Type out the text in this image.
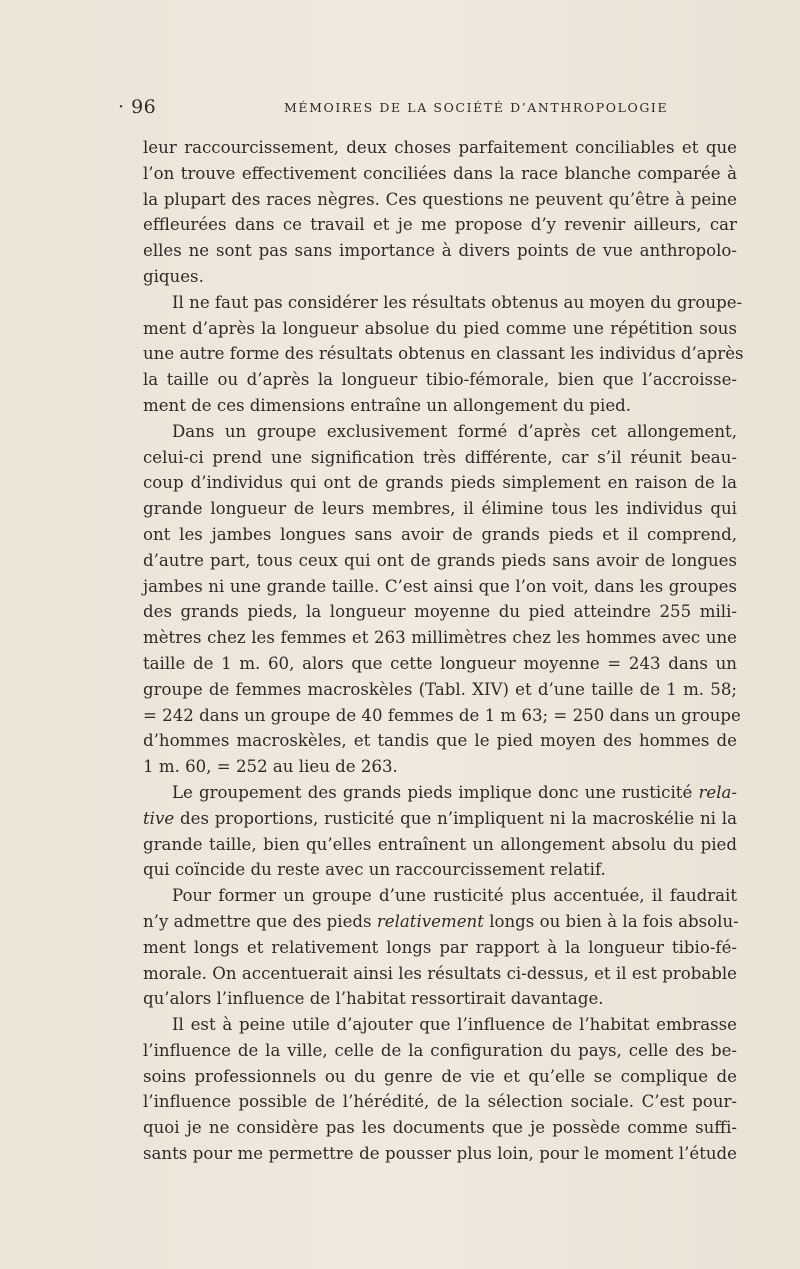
· 96	MÉMOIRES DE LA SOCIÉTÉ D’ANTHROPOLOGIE

leur raccourcissement, deux choses parfaitement conciliables et que
l’on trouve effectivement conciliées dans la race blanche comparée à
la plupart des races nègres. Ces questions ne peuvent qu’être à peine
effleurées dans ce travail et je me propose d’y revenir ailleurs, car
elles ne sont pas sans importance à divers points de vue anthropolo-
giques.

Il ne faut pas considérer les résultats obtenus au moyen du groupe-
ment d’après la longueur absolue du pied comme une répétition sous
une autre forme des résultats obtenus en classant les individus d’après
la taille ou d’après la longueur tibio-fémorale, bien que l’accroisse-
ment de ces dimensions entraîne un allongement du pied.

Dans un groupe exclusivement formé d’après cet allongement,
celui-ci prend une signification très différente, car s’il réunit beau-
coup d’individus qui ont de grands pieds simplement en raison de la
grande longueur de leurs membres, il élimine tous les individus qui
ont les jambes longues sans avoir de grands pieds et il comprend,
d’autre part, tous ceux qui ont de grands pieds sans avoir de longues
jambes ni une grande taille. C’est ainsi que l’on voit, dans les groupes
des grands pieds, la longueur moyenne du pied atteindre 255 mili-
mètres chez les femmes et 263 millimètres chez les hommes avec une
taille de 1 m. 60, alors que cette longueur moyenne = 243 dans un
groupe de femmes macroskèles (Tabl. XIV) et d’une taille de 1 m. 58;
= 242 dans un groupe de 40 femmes de 1 m 63; = 250 dans un groupe
d’hommes macroskèles, et tandis que le pied moyen des hommes de
1 m. 60, = 252 au lieu de 263.

Le groupement des grands pieds implique donc une rusticité rela-
tive des proportions, rusticité que n’impliquent ni la macroskélie ni la
grande taille, bien qu’elles entraînent un allongement absolu du pied
qui coïncide du reste avec un raccourcissement relatif.

Pour former un groupe d’une rusticité plus accentuée, il faudrait
n’y admettre que des pieds relativement longs ou bien à la fois absolu-
ment longs et relativement longs par rapport à la longueur tibio-fé-
morale. On accentuerait ainsi les résultats ci-dessus, et il est probable
qu’alors l’influence de l’habitat ressortirait davantage.

Il est à peine utile d’ajouter que l’influence de l’habitat embrasse
l’influence de la ville, celle de la configuration du pays, celle des be-
soins professionnels ou du genre de vie et qu’elle se complique de
l’influence possible de l’hérédité, de la sélection sociale. C’est pour-
quoi je ne considère pas les documents que je possède comme suffi-
sants pour me permettre de pousser plus loin, pour le moment l’étude
